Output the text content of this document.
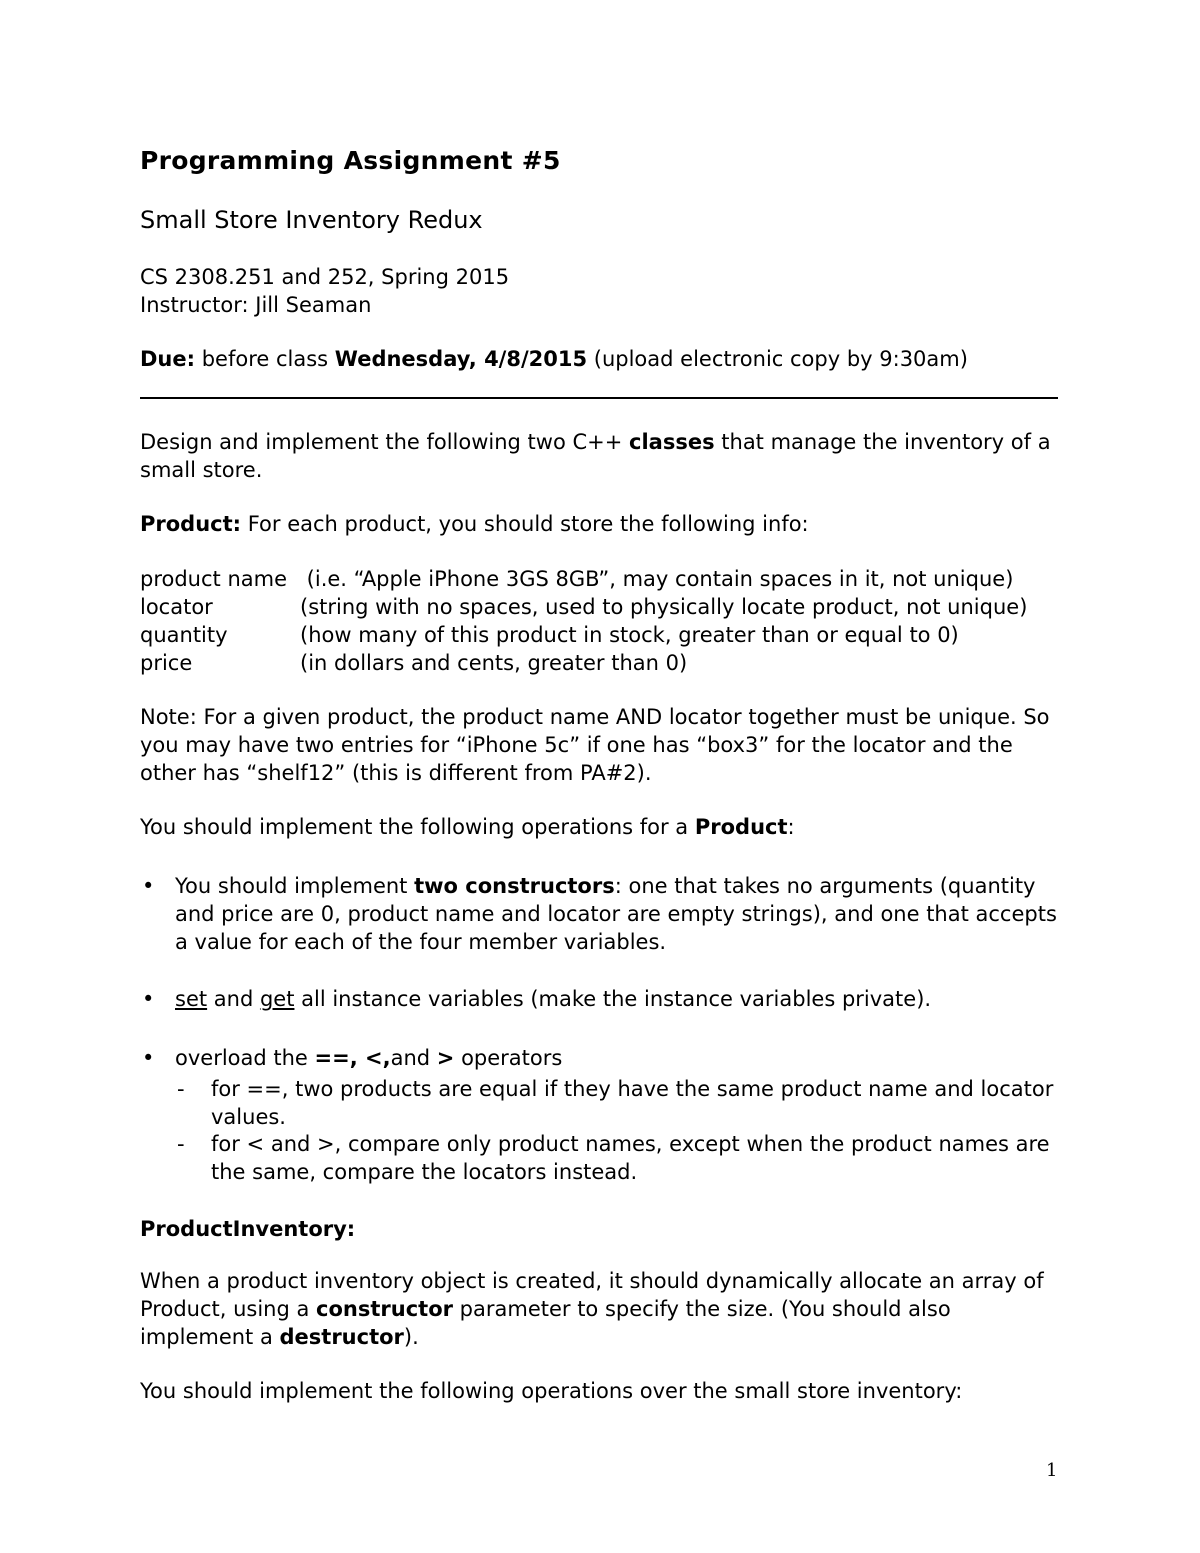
Programming Assignment #5
Small Store Inventory Redux
CS 2308.251 and 252, Spring 2015
Instructor: Jill Seaman
Due: before class Wednesday, 4/8/2015 (upload electronic copy by 9:30am)
Design and implement the following two C++ classes that manage the inventory of a small store.
Product: For each product, you should store the following info:
product name (i.e. “Apple iPhone 3GS 8GB”, may contain spaces in it, not unique)
locator	(string with no spaces, used to physically locate product, not unique)
quantity	(how many of this product in stock, greater than or equal to 0)
price	(in dollars and cents, greater than 0)
Note: For a given product, the product name AND locator together must be unique. So
you may have two entries for “iPhone 5c” if one has “box3” for the locator and the
other has “shelf12” (this is different from PA#2).
You should implement the following operations for a Product:
• You should implement two constructors: one that takes no arguments (quantity
and price are 0, product name and locator are empty strings), and one that accepts
a value for each of the four member variables.
• set and get all instance variables (make the instance variables private).
• overload the ==, <,and > operators
- for ==, two products are equal if they have the same product name and locator
values.
- for < and >, compare only product names, except when the product names are
the same, compare the locators instead.
ProductInventory:
When a product inventory object is created, it should dynamically allocate an array of
Product, using a constructor parameter to specify the size. (You should also
implement a destructor).
You should implement the following operations over the small store inventory:
1
